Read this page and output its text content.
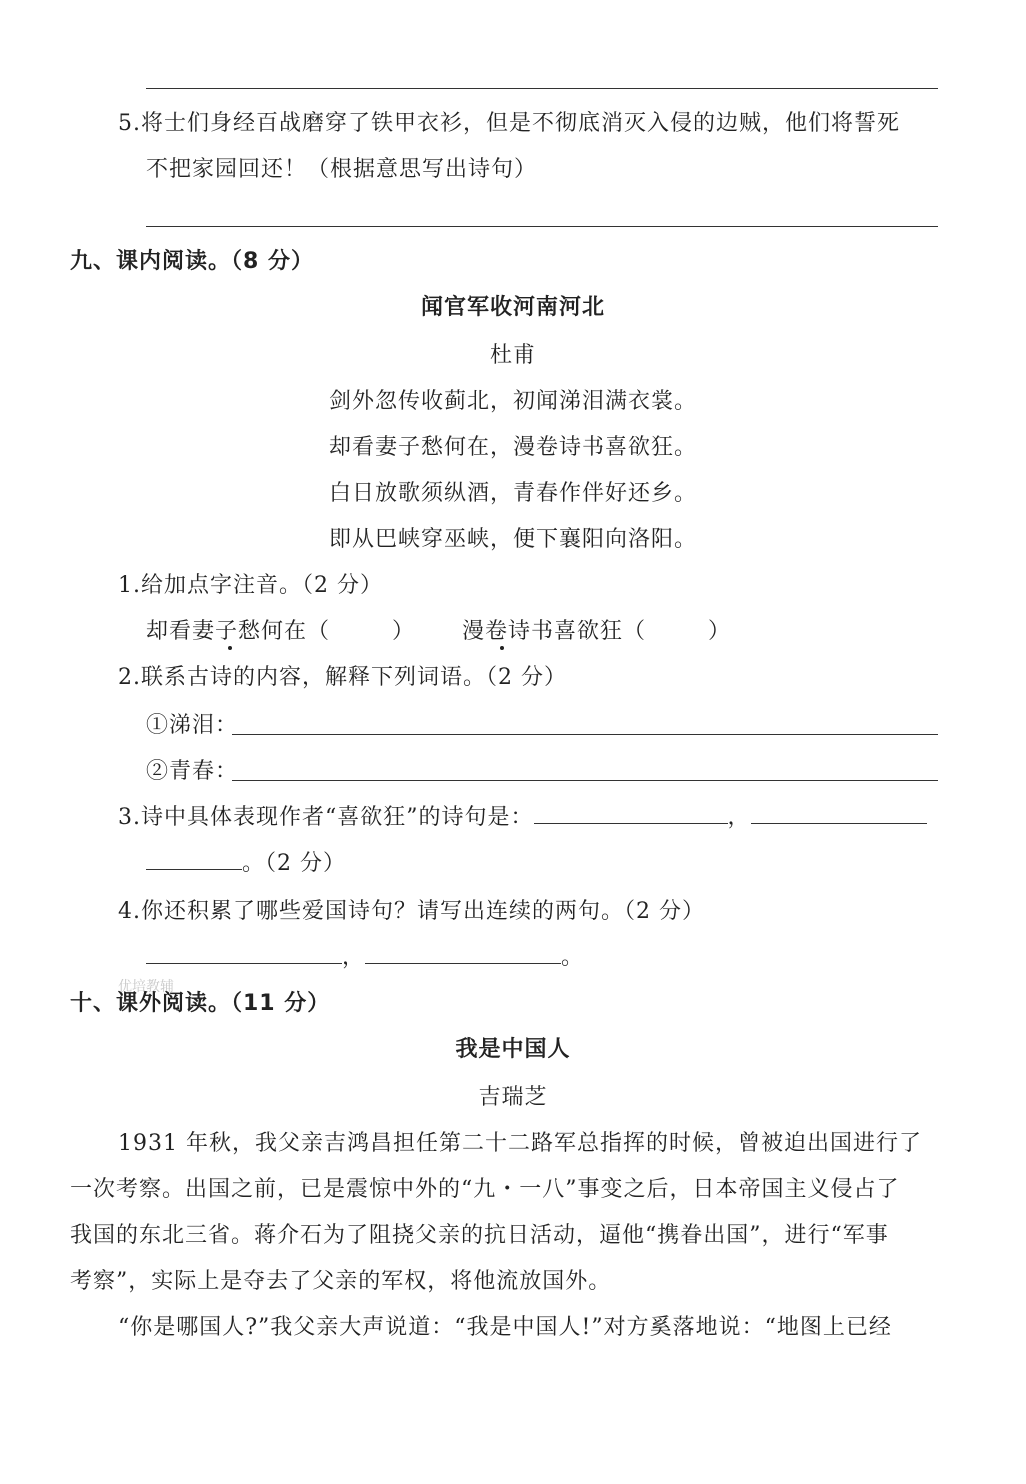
5.将士们身经百战磨穿了铁甲衣衫，但是不彻底消灭入侵的边贼，他们将誓死
不把家园回还！（根据意思写出诗句）
九、课内阅读。（8 分）
闻官军收河南河北
杜甫
剑外忽传收蓟北，初闻涕泪满衣裳。
却看妻子愁何在，漫卷诗书喜欲狂。
白日放歌须纵酒，青春作伴好还乡。
即从巴峡穿巫峡，便下襄阳向洛阳。
1.给加点字注音。（2 分）
却看妻子愁何在（	） 漫卷诗书喜欲狂（	）
2.联系古诗的内容，解释下列词语。（2 分）
①涕泪：
②青春：
3.诗中具体表现作者“喜欲狂”的诗句是：	，
。（2 分）
4.你还积累了哪些爱国诗句？请写出连续的两句。（2 分）
，	。
优培教辅
十、课外阅读。（11 分）
我是中国人
吉瑞芝
1931 年秋，我父亲吉鸿昌担任第二十二路军总指挥的时候，曾被迫出国进行了
一次考察。出国之前，已是震惊中外的“九・一八”事变之后，日本帝国主义侵占了
我国的东北三省。蒋介石为了阻挠父亲的抗日活动，逼他“携眷出国”，进行“军事
考察”，实际上是夺去了父亲的军权，将他流放国外。
“你是哪国人?”我父亲大声说道：“我是中国人!”对方奚落地说：“地图上已经
